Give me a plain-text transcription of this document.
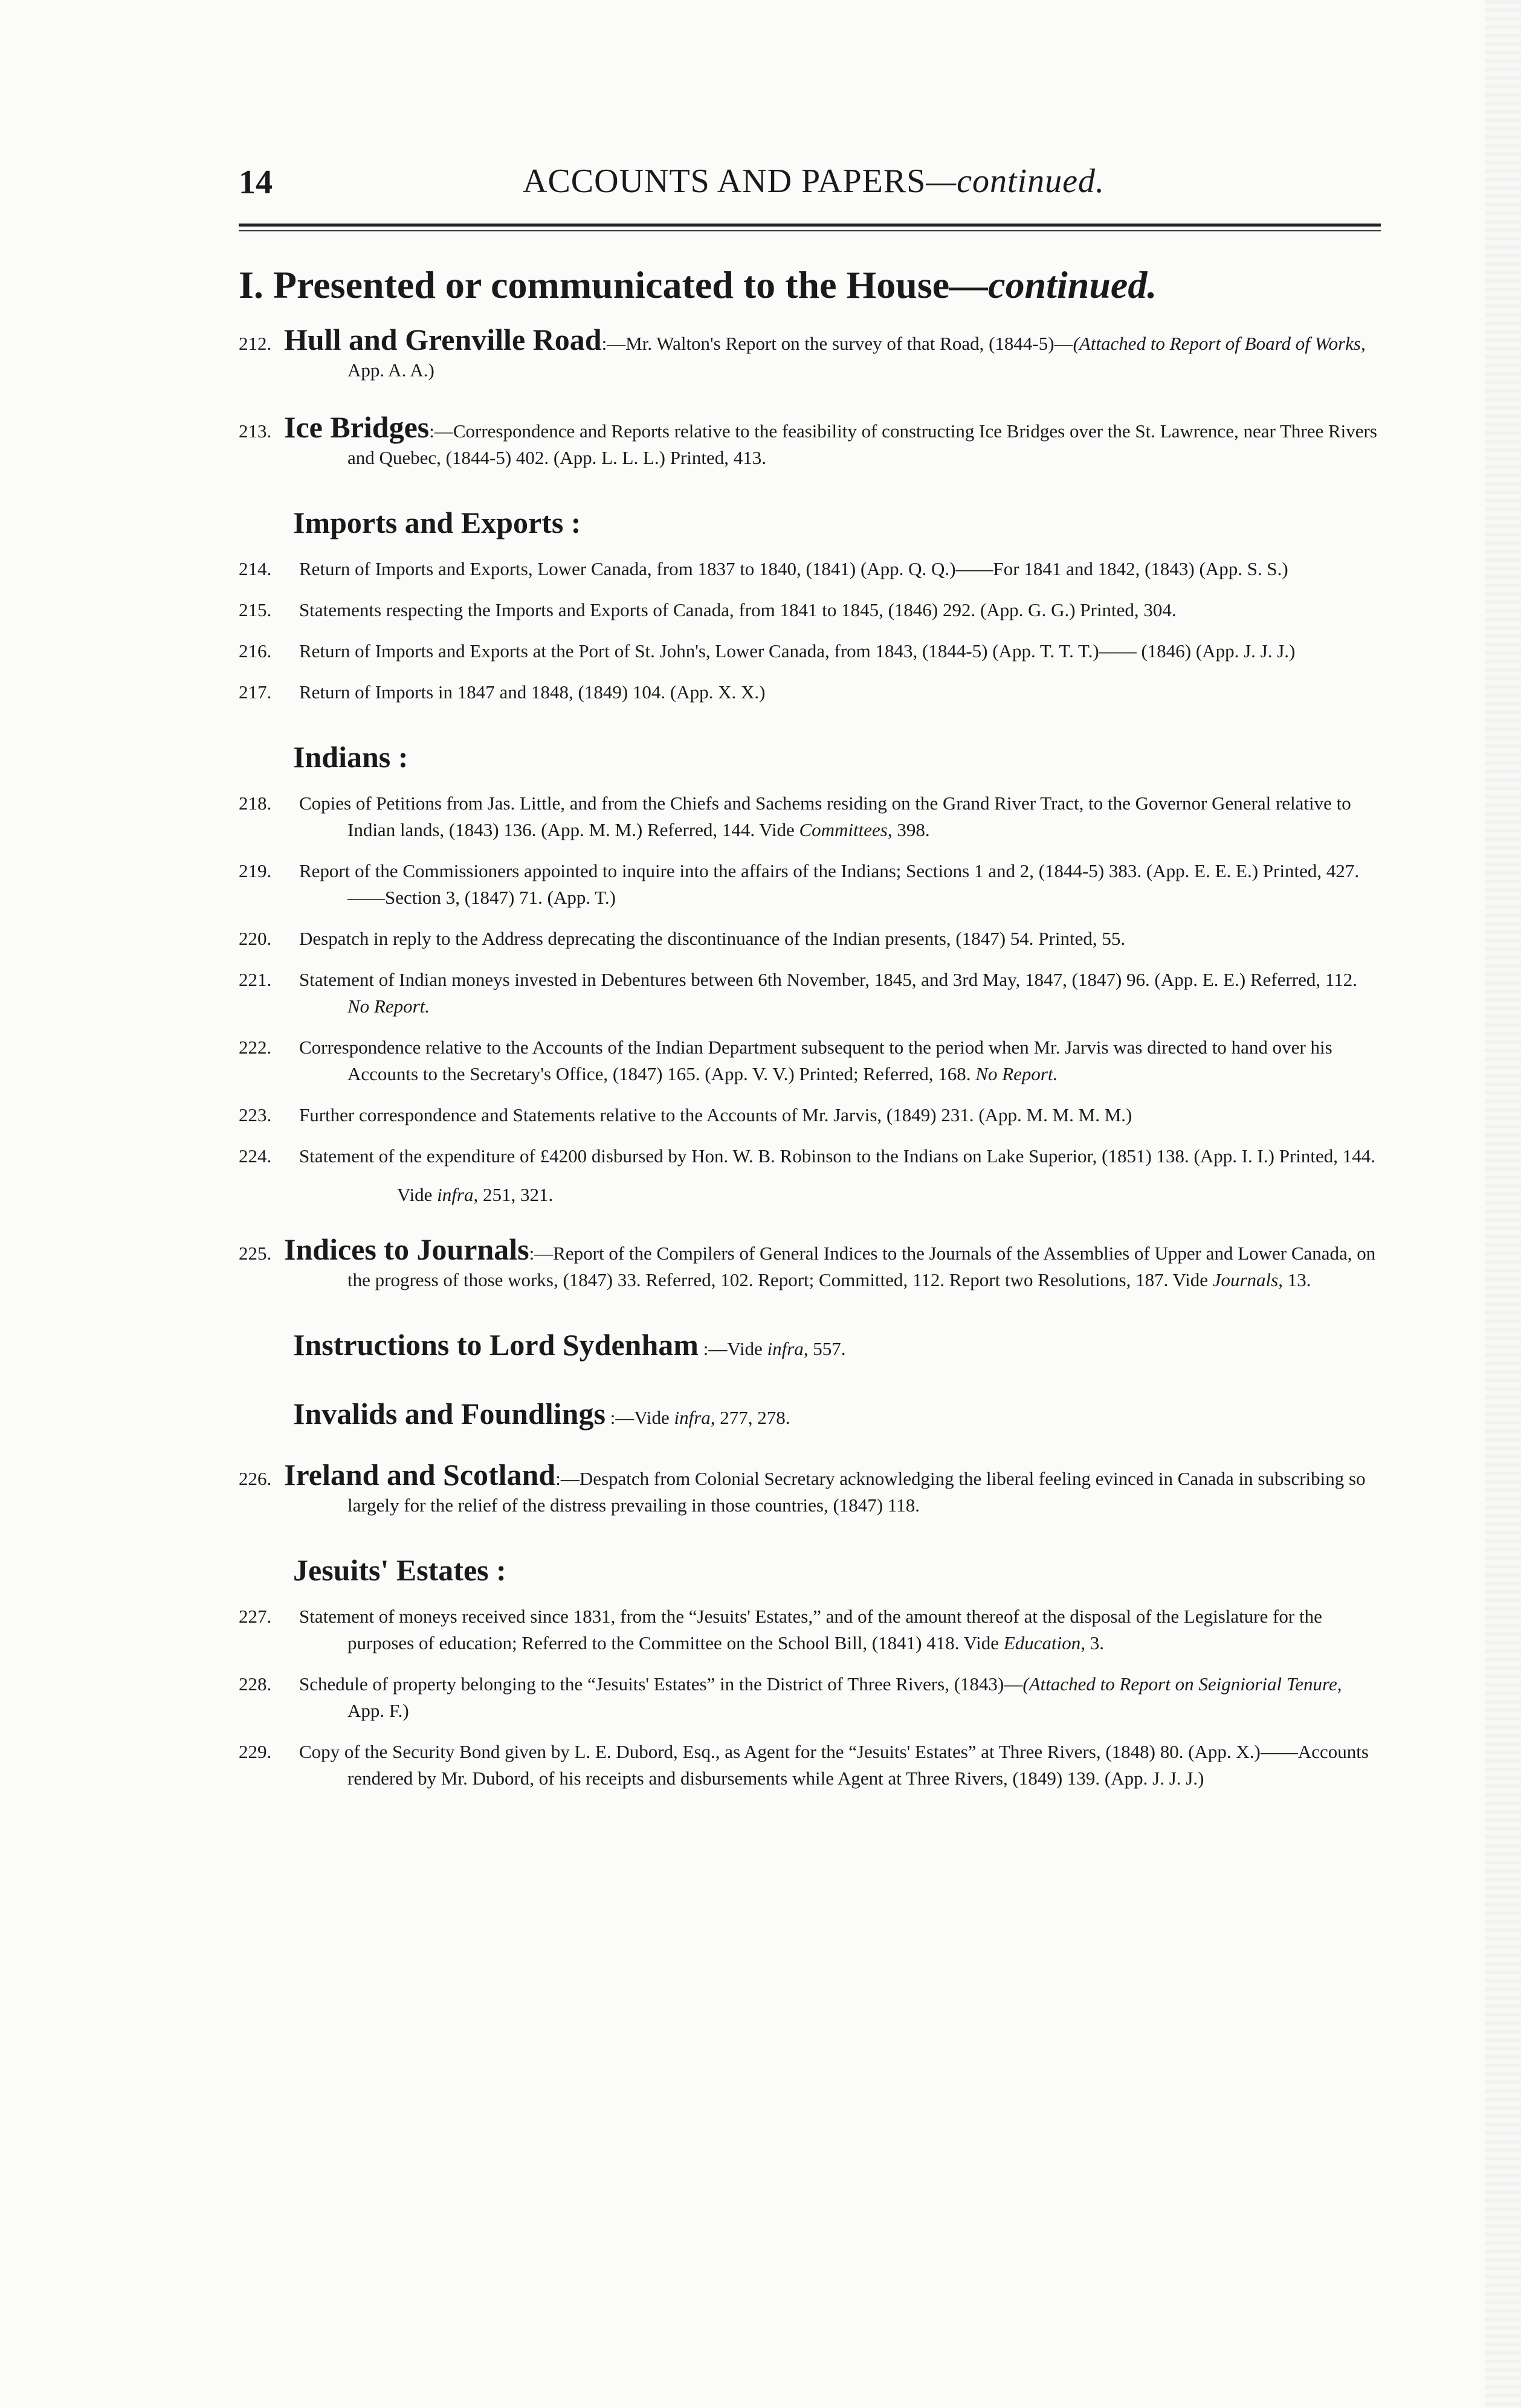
14	ACCOUNTS AND PAPERS—continued.
I. Presented or communicated to the House—continued.
212. Hull and Grenville Road:—Mr. Walton's Report on the survey of that Road, (1844-5)—(Attached to Report of Board of Works, App. A. A.)
213. Ice Bridges:—Correspondence and Reports relative to the feasibility of constructing Ice Bridges over the St. Lawrence, near Three Rivers and Quebec, (1844-5) 402. (App. L. L. L.) Printed, 413.
Imports and Exports :
214. Return of Imports and Exports, Lower Canada, from 1837 to 1840, (1841) (App. Q. Q.)——For 1841 and 1842, (1843) (App. S. S.)
215. Statements respecting the Imports and Exports of Canada, from 1841 to 1845, (1846) 292. (App. G. G.) Printed, 304.
216. Return of Imports and Exports at the Port of St. John's, Lower Canada, from 1843, (1844-5) (App. T. T. T.)—— (1846) (App. J. J. J.)
217. Return of Imports in 1847 and 1848, (1849) 104. (App. X. X.)
Indians :
218. Copies of Petitions from Jas. Little, and from the Chiefs and Sachems residing on the Grand River Tract, to the Governor General relative to Indian lands, (1843) 136. (App. M. M.) Referred, 144. Vide Committees, 398.
219. Report of the Commissioners appointed to inquire into the affairs of the Indians; Sections 1 and 2, (1844-5) 383. (App. E. E. E.) Printed, 427.——Section 3, (1847) 71. (App. T.)
220. Despatch in reply to the Address deprecating the discontinuance of the Indian presents, (1847) 54. Printed, 55.
221. Statement of Indian moneys invested in Debentures between 6th November, 1845, and 3rd May, 1847, (1847) 96. (App. E. E.) Referred, 112. No Report.
222. Correspondence relative to the Accounts of the Indian Department subsequent to the period when Mr. Jarvis was directed to hand over his Accounts to the Secretary's Office, (1847) 165. (App. V. V.) Printed; Referred, 168. No Report.
223. Further correspondence and Statements relative to the Accounts of Mr. Jarvis, (1849) 231. (App. M. M. M. M.)
224. Statement of the expenditure of £4200 disbursed by Hon. W. B. Robinson to the Indians on Lake Superior, (1851) 138. (App. I. I.) Printed, 144.
Vide infra, 251, 321.
225. Indices to Journals:—Report of the Compilers of General Indices to the Journals of the Assemblies of Upper and Lower Canada, on the progress of those works, (1847) 33. Referred, 102. Report; Committed, 112. Report two Resolutions, 187. Vide Journals, 13.
Instructions to Lord Sydenham :—Vide infra, 557.
Invalids and Foundlings :—Vide infra, 277, 278.
226. Ireland and Scotland:—Despatch from Colonial Secretary acknowledging the liberal feeling evinced in Canada in subscribing so largely for the relief of the distress prevailing in those countries, (1847) 118.
Jesuits' Estates :
227. Statement of moneys received since 1831, from the “Jesuits' Estates,” and of the amount thereof at the disposal of the Legislature for the purposes of education; Referred to the Committee on the School Bill, (1841) 418. Vide Education, 3.
228. Schedule of property belonging to the “Jesuits' Estates” in the District of Three Rivers, (1843)—(Attached to Report on Seigniorial Tenure, App. F.)
229. Copy of the Security Bond given by L. E. Dubord, Esq., as Agent for the “Jesuits' Estates” at Three Rivers, (1848) 80. (App. X.)——Accounts rendered by Mr. Dubord, of his receipts and disbursements while Agent at Three Rivers, (1849) 139. (App. J. J. J.)
